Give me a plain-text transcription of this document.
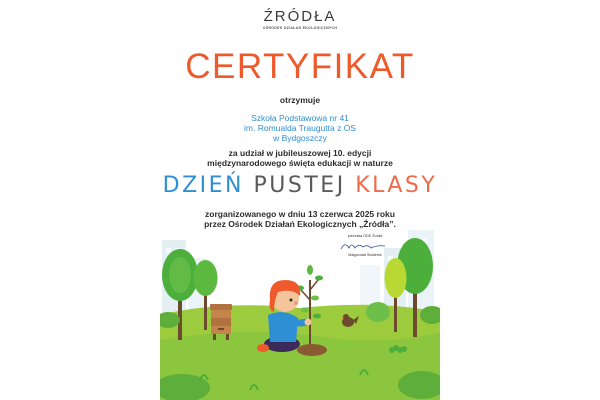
ŹRÓDŁA
OŚRODEK DZIAŁAŃ EKOLOGICZNYCH
CERTYFIKAT
otrzymuje
Szkoła Podstawowa nr 41
im. Romualda Traugutta z OS
w Bydgoszczy
za udział w jubileuszowej 10. edycji
międzynarodowego święta edukacji w naturze
DZIEŃ PUSTEJ KLASY
zorganizowanego w dniu 13 czerwca 2025 roku
przez Ośrodek Działań Ekologicznych „Źródła”.
prezeska ODE Źródła
Małgorzata Świderek
